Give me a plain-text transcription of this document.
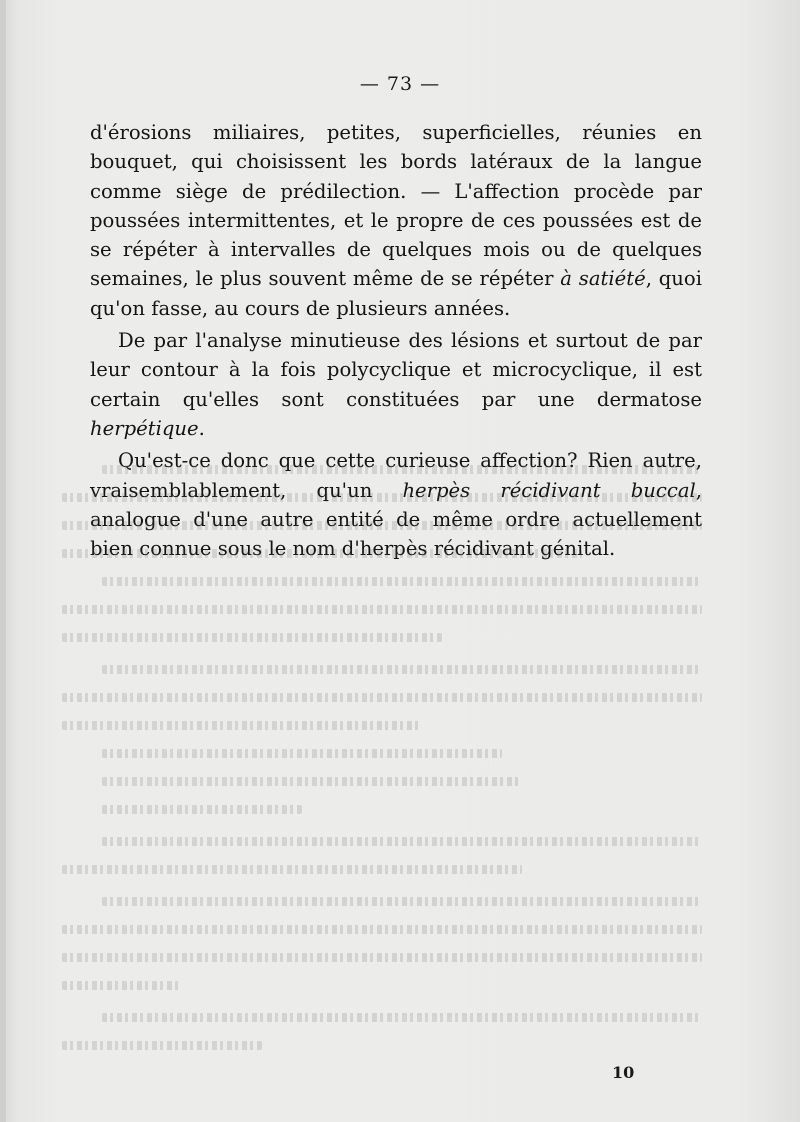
— 73 —

d'érosions miliaires, petites, superficielles, réunies en bouquet, qui choisissent les bords latéraux de la langue comme siège de prédilection. — L'affection procède par poussées intermittentes, et le propre de ces poussées est de se répéter à intervalles de quelques mois ou de quelques semaines, le plus souvent même de se répéter à satiété, quoi qu'on fasse, au cours de plusieurs années.

De par l'analyse minutieuse des lésions et surtout de par leur contour à la fois polycyclique et microcyclique, il est certain qu'elles sont constituées par une dermatose herpétique.

Qu'est-ce donc que cette curieuse affection? Rien autre, vraisemblablement, qu'un herpès récidivant buccal, analogue d'une autre entité de même ordre actuellement bien connue sous le nom d'herpès récidivant génital.

10
